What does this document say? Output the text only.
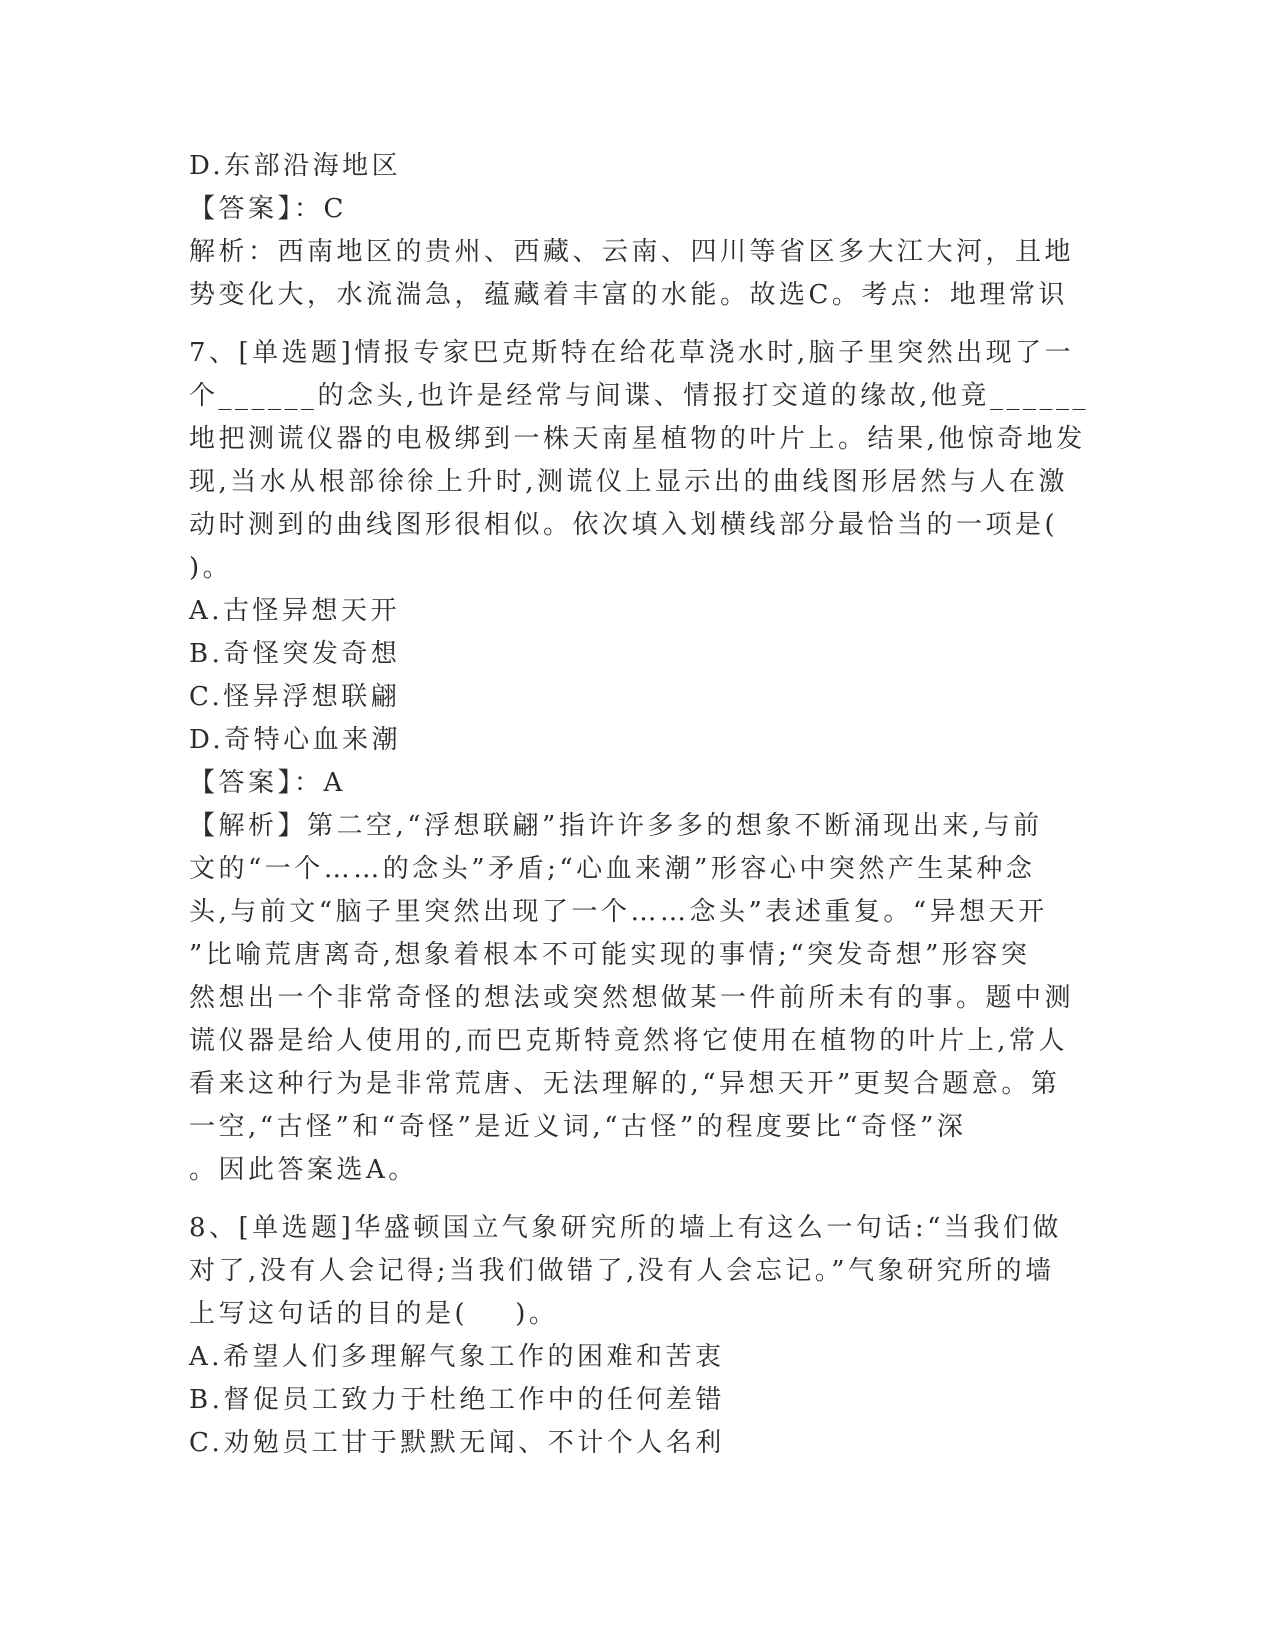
D.东部沿海地区
【答案】：C
解析：西南地区的贵州、西藏、云南、四川等省区多大江大河，且地
势变化大，水流湍急，蕴藏着丰富的水能。故选C。考点：地理常识
7、[单选题]情报专家巴克斯特在给花草浇水时,脑子里突然出现了一
个______的念头,也许是经常与间谍、情报打交道的缘故,他竟______
地把测谎仪器的电极绑到一株天南星植物的叶片上。结果,他惊奇地发
现,当水从根部徐徐上升时,测谎仪上显示出的曲线图形居然与人在激
动时测到的曲线图形很相似。依次填入划横线部分最恰当的一项是(
)。
A.古怪异想天开
B.奇怪突发奇想
C.怪异浮想联翩
D.奇特心血来潮
【答案】：A
【解析】第二空,“浮想联翩”指许许多多的想象不断涌现出来,与前
文的“一个……的念头”矛盾;“心血来潮”形容心中突然产生某种念
头,与前文“脑子里突然出现了一个……念头”表述重复。“异想天开
”比喻荒唐离奇,想象着根本不可能实现的事情;“突发奇想”形容突
然想出一个非常奇怪的想法或突然想做某一件前所未有的事。题中测
谎仪器是给人使用的,而巴克斯特竟然将它使用在植物的叶片上,常人
看来这种行为是非常荒唐、无法理解的,“异想天开”更契合题意。第
一空,“古怪”和“奇怪”是近义词,“古怪”的程度要比“奇怪”深
。因此答案选A。
8、[单选题]华盛顿国立气象研究所的墙上有这么一句话:“当我们做
对了,没有人会记得;当我们做错了,没有人会忘记。”气象研究所的墙
上写这句话的目的是(    )。
A.希望人们多理解气象工作的困难和苦衷
B.督促员工致力于杜绝工作中的任何差错
C.劝勉员工甘于默默无闻、不计个人名利
